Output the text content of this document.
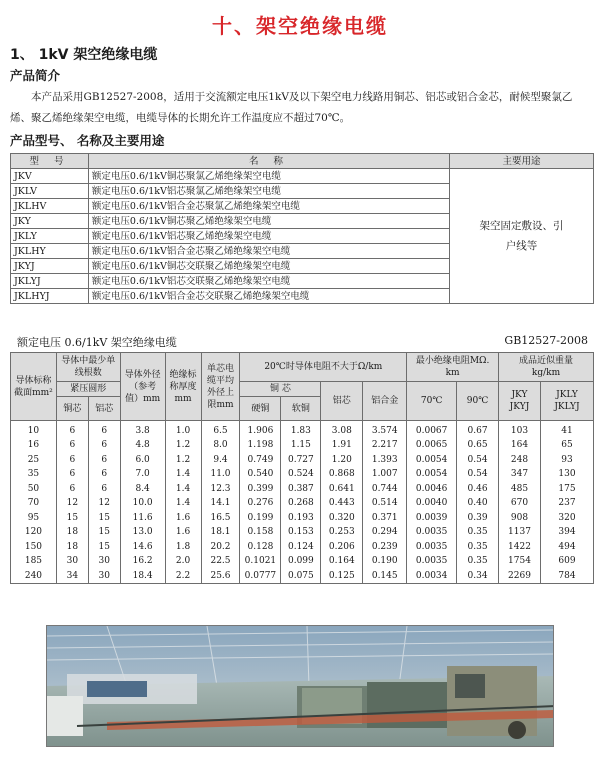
十、架空绝缘电缆
1、 1kV 架空绝缘电缆
产品简介
本产品采用GB12527-2008，适用于交流额定电压1kV及以下架空电力线路用铜芯、铝芯或铝合金芯，耐候型聚氯乙烯、聚乙烯绝缘架空电缆，电缆导体的长期允许工作温度应不超过70℃。
产品型号、 名称及主要用途
型 号	名 称	主要用途
JKV	额定电压0.6/1kV铜芯聚氯乙烯绝缘架空电缆	架空固定敷设、引户线等

JKLV	额定电压0.6/1kV铝芯聚氯乙烯绝缘架空电缆	
JKLHV	额定电压0.6/1kV铝合金芯聚氯乙烯绝缘架空电缆	
JKY	额定电压0.6/1kV铜芯聚乙烯绝缘架空电缆	
JKLY	额定电压0.6/1kV铝芯聚乙烯绝缘架空电缆	
JKLHY	额定电压0.6/1kV铝合金芯聚乙烯绝缘架空电缆	
JKYJ	额定电压0.6/1kV铜芯交联聚乙烯绝缘架空电缆	
JKLYJ	额定电压0.6/1kV铝芯交联聚乙烯绝缘架空电缆	
JKLHYJ	额定电压0.6/1kV铝合金芯交联聚乙烯绝缘架空电缆	
额定电压 0.6/1kV 架空绝缘电缆	GB12527-2008
导体标称截面mm²	导体中最少单线根数		导体外径（参考值）mm	绝缘标称厚度mm	单芯电缆平均外径上限mm	20℃时导体电阻不大于Ω/km				最小绝缘电阻MΩ. km		成品近似重量kg/km	
	紧压圆形					铜 芯		铝芯	铝合金	70℃	90℃	JKY JKYJ	JKLY JKLYJ
	铜芯	铝芯				硬铜	软铜						
10	6	6	3.8	1.0	6.5	1.906	1.83	3.08	3.574	0.0067	0.67	103	41
16	6	6	4.8	1.2	8.0	1.198	1.15	1.91	2.217	0.0065	0.65	164	65
25	6	6	6.0	1.2	9.4	0.749	0.727	1.20	1.393	0.0054	0.54	248	93
35	6	6	7.0	1.4	11.0	0.540	0.524	0.868	1.007	0.0054	0.54	347	130
50	6	6	8.4	1.4	12.3	0.399	0.387	0.641	0.744	0.0046	0.46	485	175
70	12	12	10.0	1.4	14.1	0.276	0.268	0.443	0.514	0.0040	0.40	670	237
95	15	15	11.6	1.6	16.5	0.199	0.193	0.320	0.371	0.0039	0.39	908	320
120	18	15	13.0	1.6	18.1	0.158	0.153	0.253	0.294	0.0035	0.35	1137	394
150	18	15	14.6	1.8	20.2	0.128	0.124	0.206	0.239	0.0035	0.35	1422	494
185	30	30	16.2	2.0	22.5	0.1021	0.099	0.164	0.190	0.0035	0.35	1754	609
240	34	30	18.4	2.2	25.6	0.0777	0.075	0.125	0.145	0.0034	0.34	2269	784
